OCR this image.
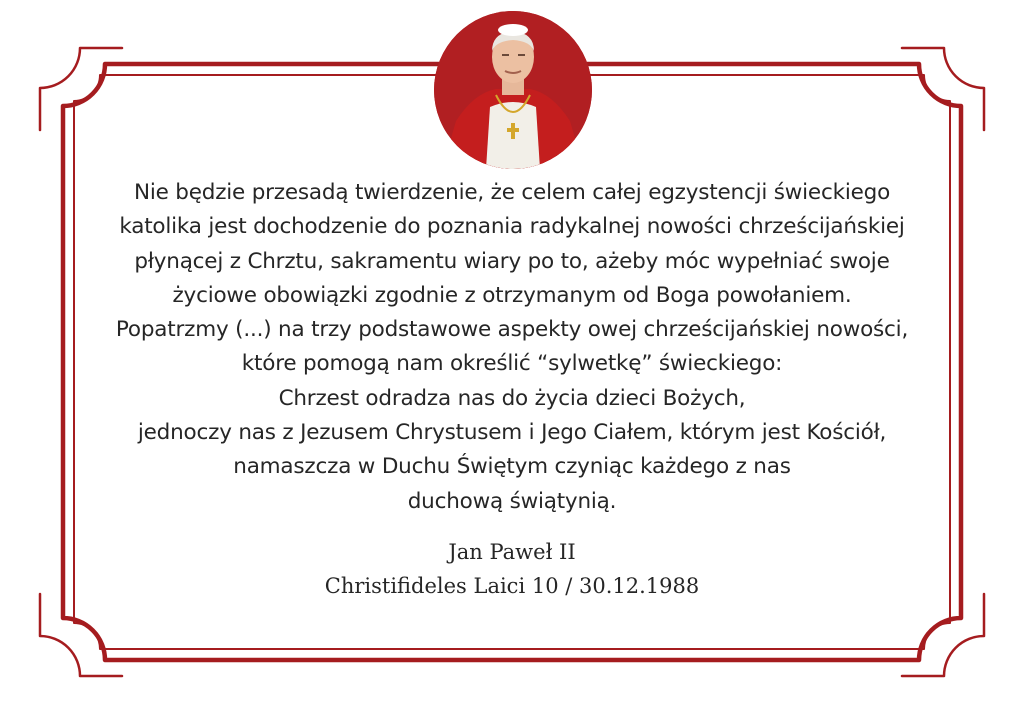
Nie będzie przesadą twierdzenie, że celem całej egzystencji świeckiego
katolika jest dochodzenie do poznania radykalnej nowości chrześcijańskiej
płynącej z Chrztu, sakramentu wiary po to, ażeby móc wypełniać swoje
życiowe obowiązki zgodnie z otrzymanym od Boga powołaniem.
Popatrzmy (...) na trzy podstawowe aspekty owej chrześcijańskiej nowości,
które pomogą nam określić “sylwetkę” świeckiego:
Chrzest odradza nas do życia dzieci Bożych,
jednoczy nas z Jezusem Chrystusem i Jego Ciałem, którym jest Kościół,
namaszcza w Duchu Świętym czyniąc każdego z nas
duchową świątynią.
Jan Paweł II
Christifideles Laici 10 / 30.12.1988
